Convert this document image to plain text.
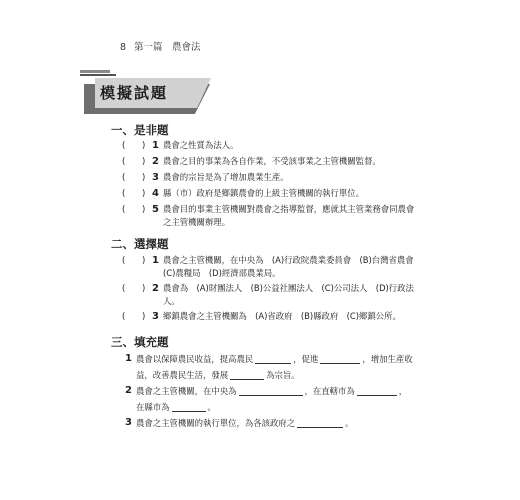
8 第一篇　農會法
模擬試題
一、是非題
(　　) 1 農會之性質為法人。
(　　) 2 農會之目的事業為各自作業，不受該事業之主管機關監督。
(　　) 3 農會的宗旨是為了增加農業生產。
(　　) 4 縣（市）政府是鄉鎮農會的上級主管機關的執行單位。
(　　) 5 農會目的事業主管機關對農會之指導監督，應就其主管業務會同農會之主管機關辦理。
二、選擇題
(　　) 1 農會之主管機關，在中央為　(A)行政院農業委員會　(B)台灣省農會　(C)農糧局　(D)經濟部農業局。
(　　) 2 農會為　(A)財團法人　(B)公益社團法人　(C)公司法人　(D)行政法人。
(　　) 3 鄉鎮農會之主管機關為　(A)省政府　(B)縣政府　(C)鄉鎮公所。
三、填充題
1 農會以保障農民收益，提高農民	，促進	，增加生產收益，改善農民生活，發展	為宗旨。
2 農會之主管機關，在中央為	，在直轄市為	，在縣市為	。
3 農會之主管機關的執行單位，為各該政府之	。
